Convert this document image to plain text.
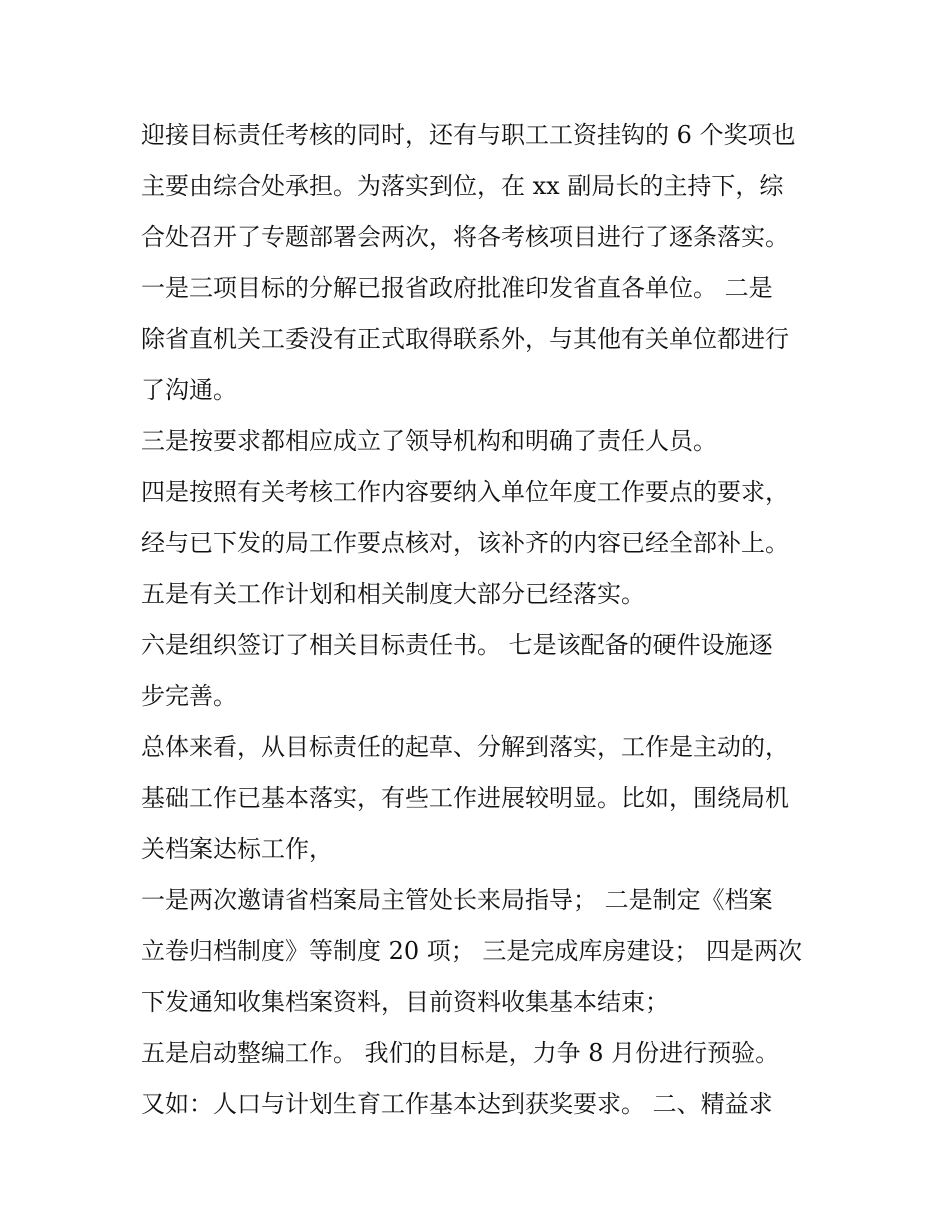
迎接目标责任考核的同时，还有与职工工资挂钩的 6 个奖项也

主要由综合处承担。为落实到位，在 xx 副局长的主持下，综

合处召开了专题部署会两次，将各考核项目进行了逐条落实。

一是三项目标的分解已报省政府批准印发省直各单位。 二是

除省直机关工委没有正式取得联系外，与其他有关单位都进行

了沟通。

三是按要求都相应成立了领导机构和明确了责任人员。

四是按照有关考核工作内容要纳入单位年度工作要点的要求，

经与已下发的局工作要点核对，该补齐的内容已经全部补上。

五是有关工作计划和相关制度大部分已经落实。

六是组织签订了相关目标责任书。 七是该配备的硬件设施逐

步完善。

总体来看，从目标责任的起草、分解到落实，工作是主动的，

基础工作已基本落实，有些工作进展较明显。比如，围绕局机

关档案达标工作，

一是两次邀请省档案局主管处长来局指导； 二是制定《档案

立卷归档制度》等制度 20 项； 三是完成库房建设； 四是两次

下发通知收集档案资料，目前资料收集基本结束；

五是启动整编工作。 我们的目标是，力争 8 月份进行预验。

又如：人口与计划生育工作基本达到获奖要求。 二、精益求
